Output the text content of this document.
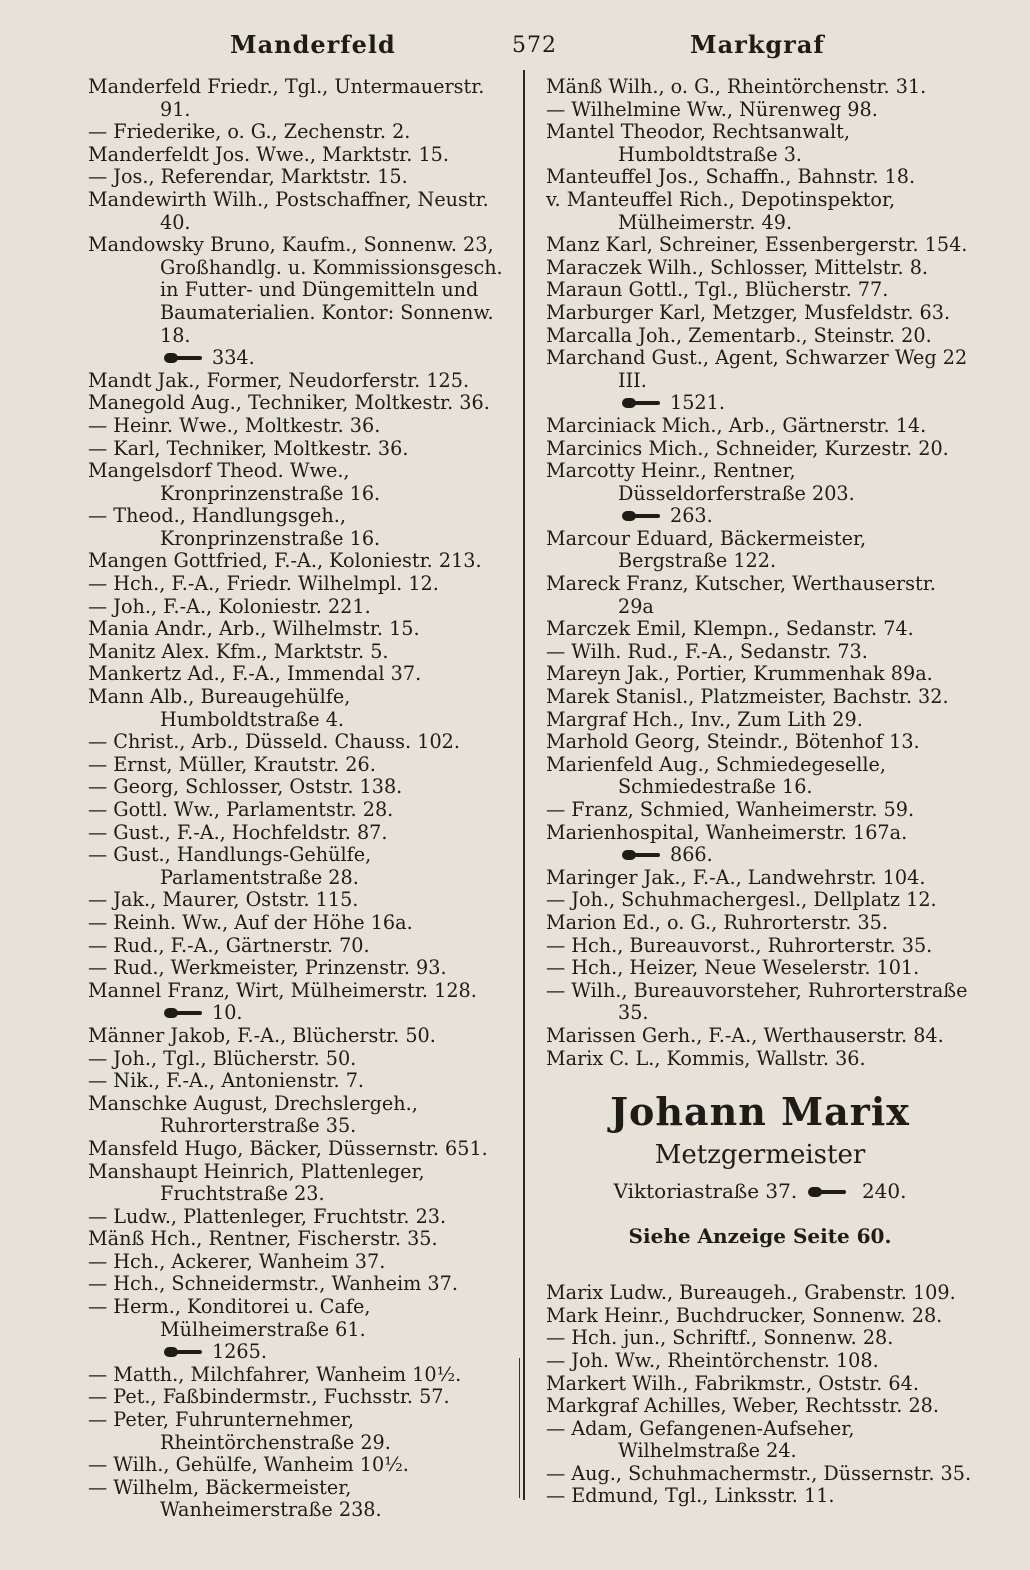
Manderfeld	572	Markgraf

Manderfeld Friedr., Tgl., Untermauerstr. 91.

— Friederike, o. G., Zechenstr. 2.

Manderfeldt Jos. Wwe., Marktstr. 15.

— Jos., Referendar, Marktstr. 15.

Mandewirth Wilh., Postschaffner, Neustr. 40.

Mandowsky Bruno, Kaufm., Sonnenw. 23, Großhandlg. u. Kommissionsgesch. in Futter- und Düngemitteln und Baumaterialien. Kontor: Sonnenw. 18.

334.

Mandt Jak., Former, Neudorferstr. 125.

Manegold Aug., Techniker, Moltkestr. 36.

— Heinr. Wwe., Moltkestr. 36.

— Karl, Techniker, Moltkestr. 36.

Mangelsdorf Theod. Wwe., Kronprinzenstraße 16.

— Theod., Handlungsgeh., Kronprinzenstraße 16.

Mangen Gottfried, F.-A., Koloniestr. 213.

— Hch., F.-A., Friedr. Wilhelmpl. 12.

— Joh., F.-A., Koloniestr. 221.

Mania Andr., Arb., Wilhelmstr. 15.

Manitz Alex. Kfm., Marktstr. 5.

Mankertz Ad., F.-A., Immendal 37.

Mann Alb., Bureaugehülfe, Humboldtstraße 4.

— Christ., Arb., Düsseld. Chauss. 102.

— Ernst, Müller, Krautstr. 26.

— Georg, Schlosser, Oststr. 138.

— Gottl. Ww., Parlamentstr. 28.

— Gust., F.-A., Hochfeldstr. 87.

— Gust., Handlungs-Gehülfe, Parlamentstraße 28.

— Jak., Maurer, Oststr. 115.

— Reinh. Ww., Auf der Höhe 16a.

— Rud., F.-A., Gärtnerstr. 70.

— Rud., Werkmeister, Prinzenstr. 93.

Mannel Franz, Wirt, Mülheimerstr. 128.

10.

Männer Jakob, F.-A., Blücherstr. 50.

— Joh., Tgl., Blücherstr. 50.

— Nik., F.-A., Antonienstr. 7.

Manschke August, Drechslergeh., Ruhrorterstraße 35.

Mansfeld Hugo, Bäcker, Düssernstr. 651.

Manshaupt Heinrich, Plattenleger, Fruchtstraße 23.

— Ludw., Plattenleger, Fruchtstr. 23.

Mänß Hch., Rentner, Fischerstr. 35.

— Hch., Ackerer, Wanheim 37.

— Hch., Schneidermstr., Wanheim 37.

— Herm., Konditorei u. Cafe, Mülheimerstraße 61.

1265.

— Matth., Milchfahrer, Wanheim 10½.

— Pet., Faßbindermstr., Fuchsstr. 57.

— Peter, Fuhrunternehmer, Rheintörchenstraße 29.

— Wilh., Gehülfe, Wanheim 10½.

— Wilhelm, Bäckermeister, Wanheimerstraße 238.

Mänß Wilh., o. G., Rheintörchenstr. 31.

— Wilhelmine Ww., Nürenweg 98.

Mantel Theodor, Rechtsanwalt, Humboldtstraße 3.

Manteuffel Jos., Schaffn., Bahnstr. 18.

v. Manteuffel Rich., Depotinspektor, Mülheimerstr. 49.

Manz Karl, Schreiner, Essenbergerstr. 154.

Maraczek Wilh., Schlosser, Mittelstr. 8.

Maraun Gottl., Tgl., Blücherstr. 77.

Marburger Karl, Metzger, Musfeldstr. 63.

Marcalla Joh., Zementarb., Steinstr. 20.

Marchand Gust., Agent, Schwarzer Weg 22 III.

1521.

Marciniack Mich., Arb., Gärtnerstr. 14.

Marcinics Mich., Schneider, Kurzestr. 20.

Marcotty Heinr., Rentner, Düsseldorferstraße 203.

263.

Marcour Eduard, Bäckermeister, Bergstraße 122.

Mareck Franz, Kutscher, Werthauserstr. 29a

Marczek Emil, Klempn., Sedanstr. 74.

— Wilh. Rud., F.-A., Sedanstr. 73.

Mareyn Jak., Portier, Krummenhak 89a.

Marek Stanisl., Platzmeister, Bachstr. 32.

Margraf Hch., Inv., Zum Lith 29.

Marhold Georg, Steindr., Bötenhof 13.

Marienfeld Aug., Schmiedegeselle, Schmiedestraße 16.

— Franz, Schmied, Wanheimerstr. 59.

Marienhospital, Wanheimerstr. 167a.

866.

Maringer Jak., F.-A., Landwehrstr. 104.

— Joh., Schuhmachergesl., Dellplatz 12.

Marion Ed., o. G., Ruhrorterstr. 35.

— Hch., Bureauvorst., Ruhrorterstr. 35.

— Hch., Heizer, Neue Weselerstr. 101.

— Wilh., Bureauvorsteher, Ruhrorterstraße 35.

Marissen Gerh., F.-A., Werthauserstr. 84.

Marix C. L., Kommis, Wallstr. 36.

Johann Marix
Metzgermeister
Viktoriastraße 37.	240.
Siehe Anzeige Seite 60.

Marix Ludw., Bureaugeh., Grabenstr. 109.

Mark Heinr., Buchdrucker, Sonnenw. 28.

— Hch. jun., Schriftf., Sonnenw. 28.

— Joh. Ww., Rheintörchenstr. 108.

Markert Wilh., Fabrikmstr., Oststr. 64.

Markgraf Achilles, Weber, Rechtsstr. 28.

— Adam, Gefangenen-Aufseher, Wilhelmstraße 24.

— Aug., Schuhmachermstr., Düssernstr. 35.

— Edmund, Tgl., Linksstr. 11.
